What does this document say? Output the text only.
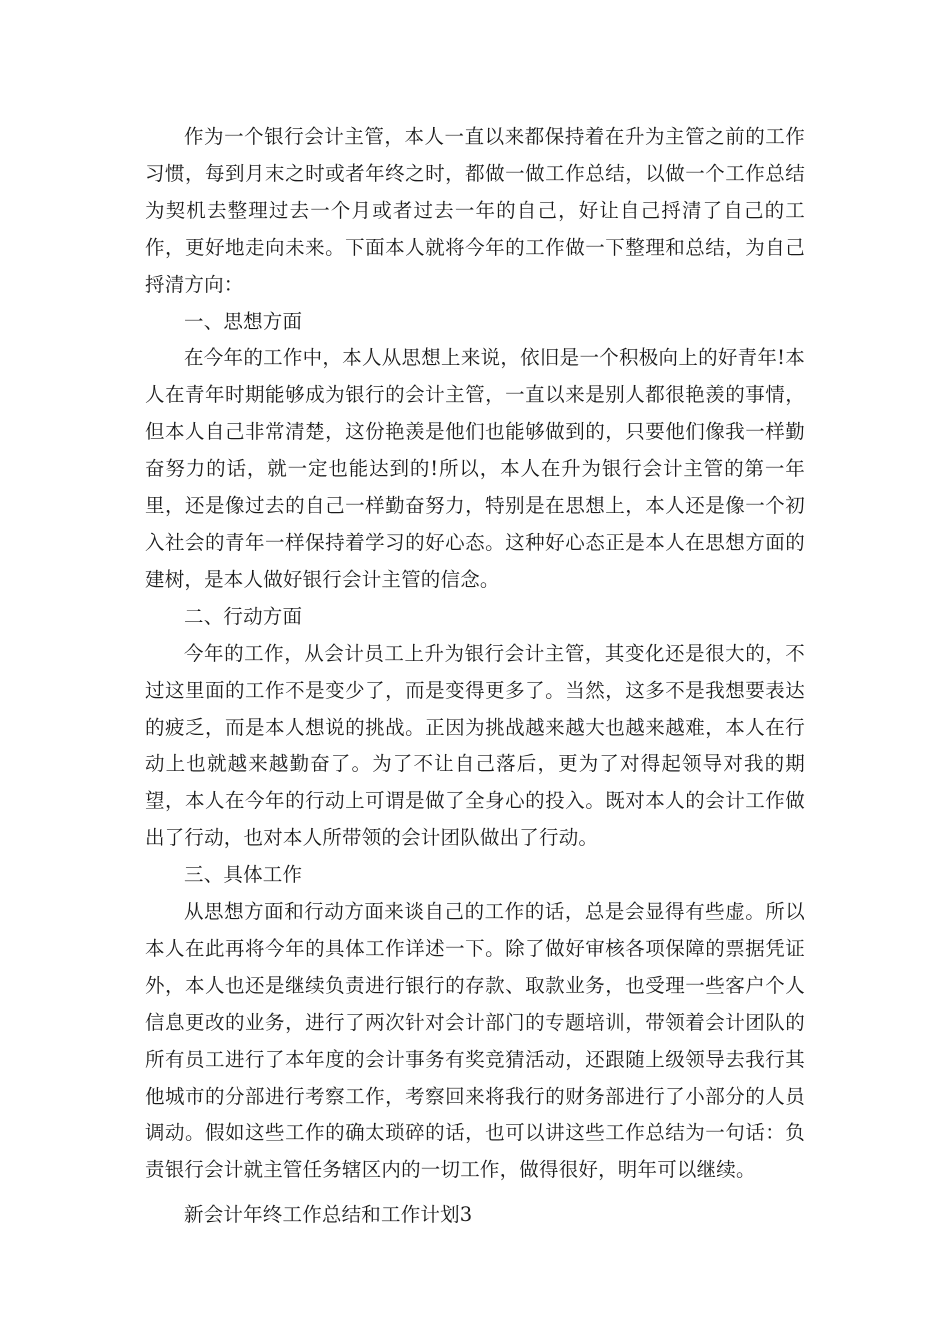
作为一个银行会计主管，本人一直以来都保持着在升为主管之前的工作习惯，每到月末之时或者年终之时，都做一做工作总结，以做一个工作总结为契机去整理过去一个月或者过去一年的自己，好让自己捋清了自己的工作，更好地走向未来。下面本人就将今年的工作做一下整理和总结，为自己捋清方向：

一、思想方面

在今年的工作中，本人从思想上来说，依旧是一个积极向上的好青年!本人在青年时期能够成为银行的会计主管，一直以来是别人都很艳羡的事情，但本人自己非常清楚，这份艳羡是他们也能够做到的，只要他们像我一样勤奋努力的话，就一定也能达到的!所以，本人在升为银行会计主管的第一年里，还是像过去的自己一样勤奋努力，特别是在思想上，本人还是像一个初入社会的青年一样保持着学习的好心态。这种好心态正是本人在思想方面的建树，是本人做好银行会计主管的信念。

二、行动方面

今年的工作，从会计员工上升为银行会计主管，其变化还是很大的，不过这里面的工作不是变少了，而是变得更多了。当然，这多不是我想要表达的疲乏，而是本人想说的挑战。正因为挑战越来越大也越来越难，本人在行动上也就越来越勤奋了。为了不让自己落后，更为了对得起领导对我的期望，本人在今年的行动上可谓是做了全身心的投入。既对本人的会计工作做出了行动，也对本人所带领的会计团队做出了行动。

三、具体工作

从思想方面和行动方面来谈自己的工作的话，总是会显得有些虚。所以本人在此再将今年的具体工作详述一下。除了做好审核各项保障的票据凭证外，本人也还是继续负责进行银行的存款、取款业务，也受理一些客户个人信息更改的业务，进行了两次针对会计部门的专题培训，带领着会计团队的所有员工进行了本年度的会计事务有奖竞猜活动，还跟随上级领导去我行其他城市的分部进行考察工作，考察回来将我行的财务部进行了小部分的人员调动。假如这些工作的确太琐碎的话，也可以讲这些工作总结为一句话：负责银行会计就主管任务辖区内的一切工作，做得很好，明年可以继续。

新会计年终工作总结和工作计划3
